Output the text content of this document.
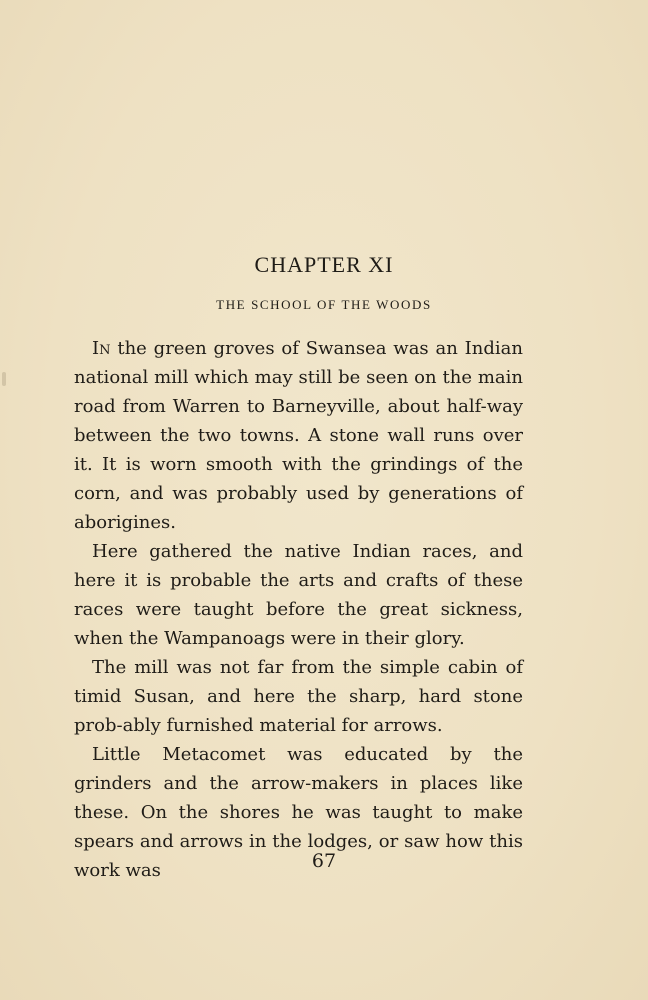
CHAPTER XI
THE SCHOOL OF THE WOODS

In the green groves of Swansea was an Indian national mill which may still be seen on the main road from Warren to Barneyville, about half-way between the two towns. A stone wall runs over it. It is worn smooth with the grindings of the corn, and was probably used by generations of aborigines.

Here gathered the native Indian races, and here it is probable the arts and crafts of these races were taught before the great sickness, when the Wampanoags were in their glory.

The mill was not far from the simple cabin of timid Susan, and here the sharp, hard stone prob-ably furnished material for arrows.

Little Metacomet was educated by the grinders and the arrow-makers in places like these. On the shores he was taught to make spears and arrows in the lodges, or saw how this work was	67
